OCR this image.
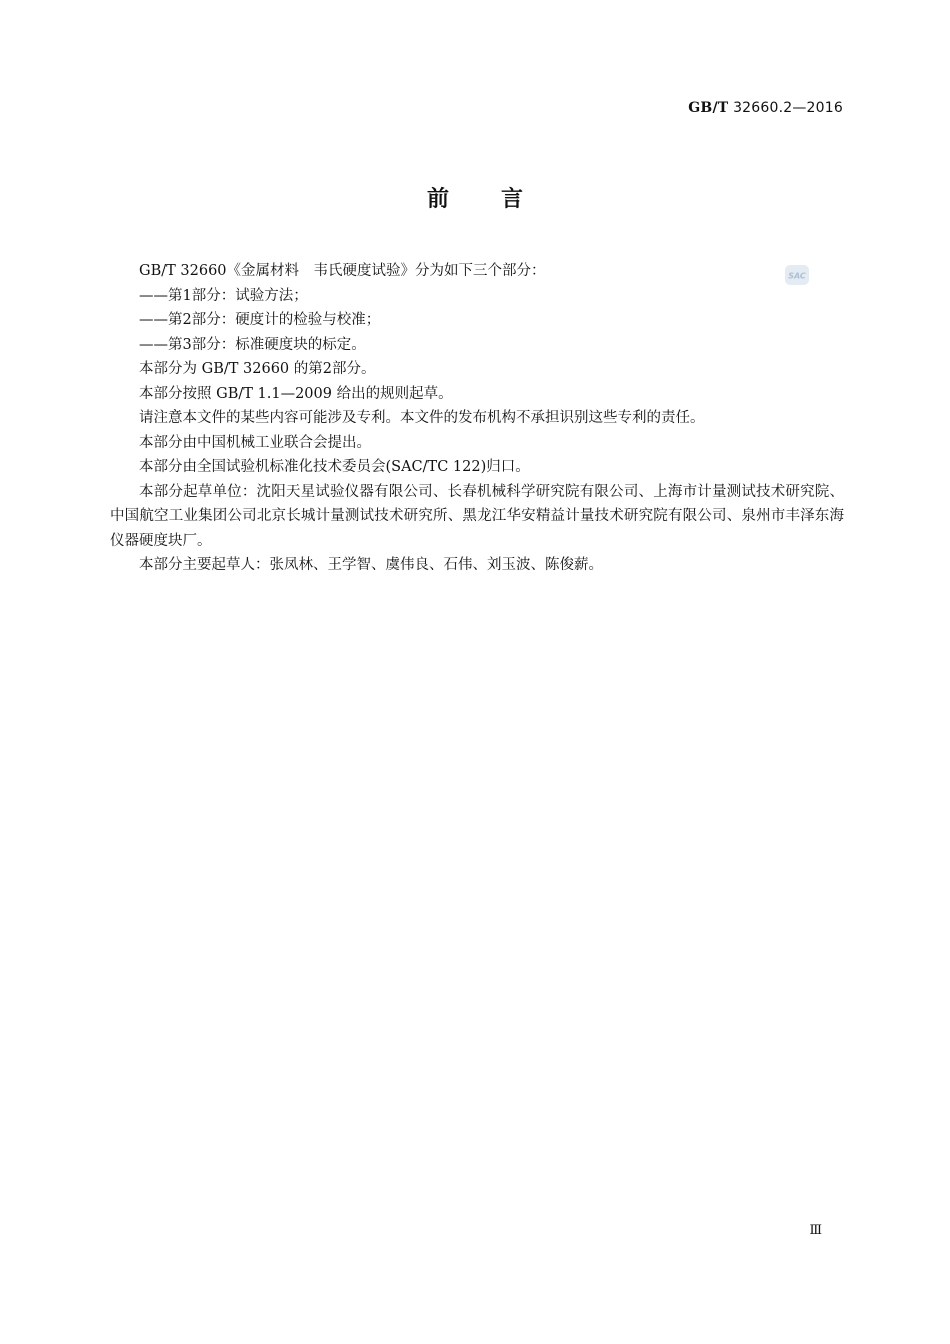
GB/T 32660.2—2016
前 言
SAC

GB/T 32660《金属材料　韦氏硬度试验》分为如下三个部分：

——第1部分：试验方法；

——第2部分：硬度计的检验与校准；

——第3部分：标准硬度块的标定。

本部分为 GB/T 32660 的第2部分。

本部分按照 GB/T 1.1—2009 给出的规则起草。

请注意本文件的某些内容可能涉及专利。本文件的发布机构不承担识别这些专利的责任。

本部分由中国机械工业联合会提出。

本部分由全国试验机标准化技术委员会(SAC/TC 122)归口。

本部分起草单位：沈阳天星试验仪器有限公司、长春机械科学研究院有限公司、上海市计量测试技术研究院、中国航空工业集团公司北京长城计量测试技术研究所、黑龙江华安精益计量技术研究院有限公司、泉州市丰泽东海仪器硬度块厂。

本部分主要起草人：张凤林、王学智、虞伟良、石伟、刘玉波、陈俊薪。

Ⅲ
